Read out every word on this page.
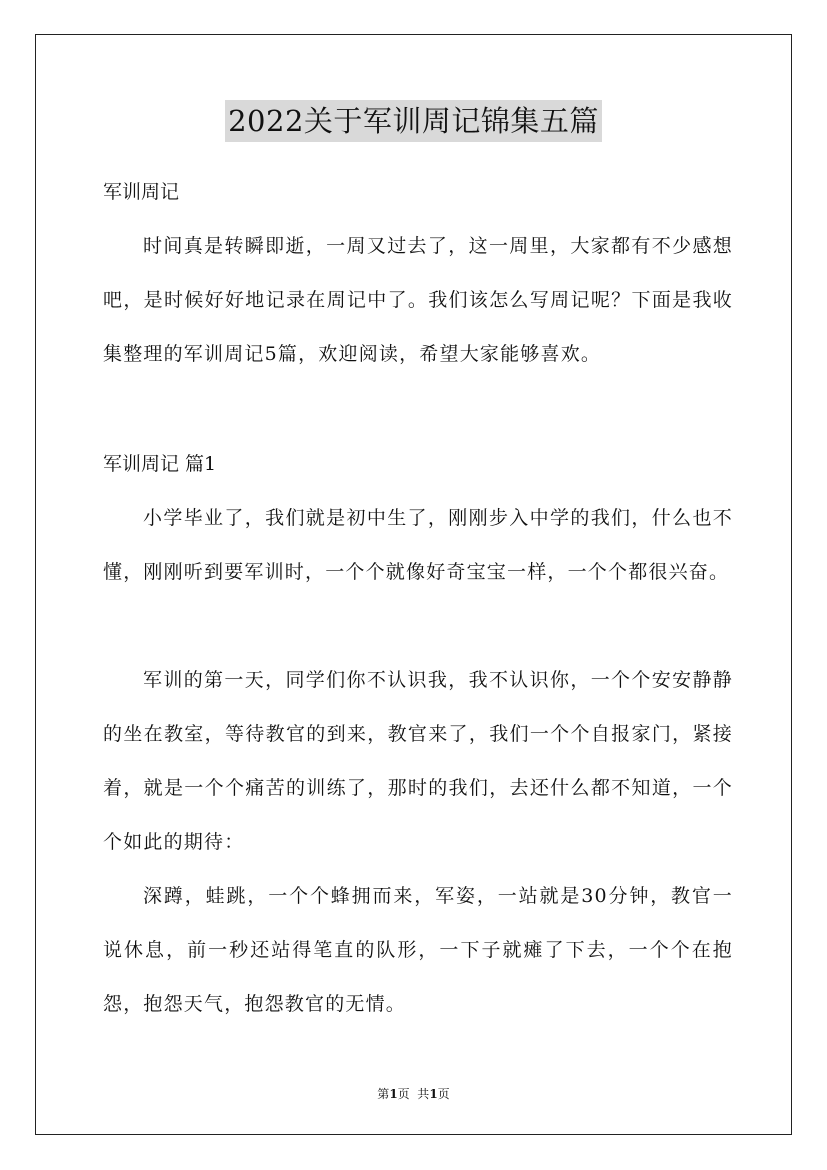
2022关于军训周记锦集五篇
军训周记
时间真是转瞬即逝，一周又过去了，这一周里，大家都有不少感想吧，是时候好好地记录在周记中了。我们该怎么写周记呢？下面是我收集整理的军训周记5篇，欢迎阅读，希望大家能够喜欢。
军训周记 篇1
小学毕业了，我们就是初中生了，刚刚步入中学的我们，什么也不懂，刚刚听到要军训时，一个个就像好奇宝宝一样，一个个都很兴奋。
军训的第一天，同学们你不认识我，我不认识你，一个个安安静静的坐在教室，等待教官的到来，教官来了，我们一个个自报家门，紧接着，就是一个个痛苦的训练了，那时的我们，去还什么都不知道，一个个如此的期待：
深蹲，蛙跳，一个个蜂拥而来，军姿，一站就是30分钟，教官一说休息，前一秒还站得笔直的队形，一下子就瘫了下去，一个个在抱怨，抱怨天气，抱怨教官的无情。
第1页  共1页
